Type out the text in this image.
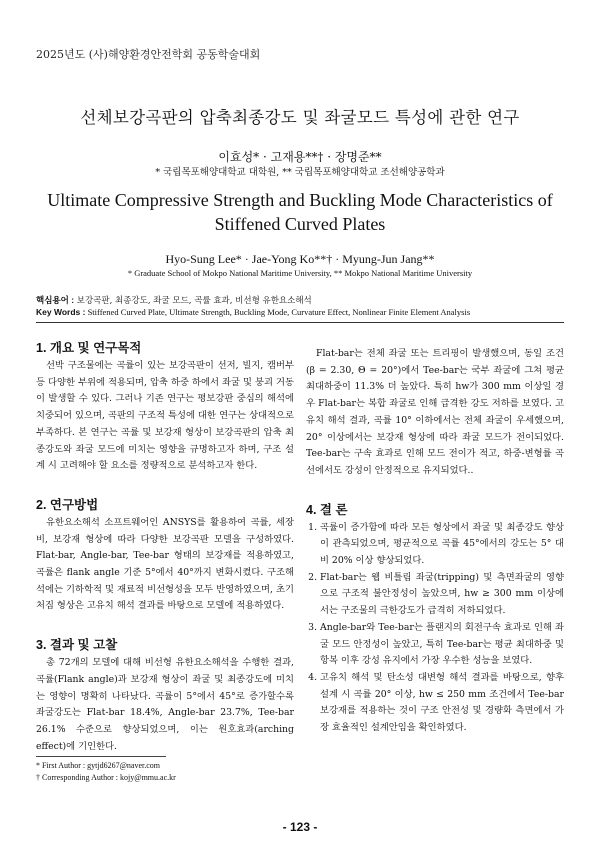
2025년도 (사)해양환경안전학회 공동학술대회
선체보강곡판의 압축최종강도 및 좌굴모드 특성에 관한 연구
이효성* · 고재용**† · 장명준**
* 국립목포해양대학교 대학원, ** 국립목포해양대학교 조선해양공학과
Ultimate Compressive Strength and Buckling Mode Characteristics of
Stiffened Curved Plates
Hyo-Sung Lee* · Jae-Yong Ko**† · Myung-Jun Jang**
* Graduate School of Mokpo National Maritime University, ** Mokpo National Maritime University
핵심용어 : 보강곡판, 최종강도, 좌굴 모드, 곡률 효과, 비선형 유한요소해석
Key Words : Stiffened Curved Plate, Ultimate Strength, Buckling Mode, Curvature Effect, Nonlinear Finite Element Analysis
1. 개요 및 연구목적

선박 구조물에는 곡률이 있는 보강곡판이 선저, 빌지, 캠버부 등 다양한 부위에 적용되며, 압축 하중 하에서 좌굴 및 붕괴 거동이 발생할 수 있다. 그러나 기존 연구는 평보강판 중심의 해석에 치중되어 있으며, 곡판의 구조적 특성에 대한 연구는 상대적으로 부족하다. 본 연구는 곡률 및 보강재 형상이 보강곡판의 압축 최종강도와 좌굴 모드에 미치는 영향을 규명하고자 하며, 구조 설계 시 고려해야 할 요소를 정량적으로 분석하고자 한다.

2. 연구방법

유한요소해석 소프트웨어인 ANSYS를 활용하여 곡률, 세장비, 보강재 형상에 따라 다양한 보강곡판 모델을 구성하였다. Flat-bar, Angle-bar, Tee-bar 형태의 보강재를 적용하였고, 곡률은 flank angle 기준 5°에서 40°까지 변화시켰다. 구조해석에는 기하학적 및 재료적 비선형성을 모두 반영하였으며, 초기 처짐 형상은 고유치 해석 결과를 바탕으로 모델에 적용하였다.

3. 결과 및 고찰

총 72개의 모델에 대해 비선형 유한요소해석을 수행한 결과, 곡률(Flank angle)과 보강재 형상이 좌굴 및 최종강도에 미치는 영향이 명확히 나타났다. 곡률이 5°에서 45°로 증가할수록 좌굴강도는 Flat-bar 18.4%, Angle-bar 23.7%, Tee-bar 26.1% 수준으로 향상되었으며, 이는 원호효과(arching effect)에 기인한다.

Flat-bar는 전체 좌굴 또는 트리핑이 발생했으며, 동일 조건(β = 2.30, Θ = 20°)에서 Tee-bar는 국부 좌굴에 그쳐 평균 최대하중이 11.3% 더 높았다. 특히 hw가 300 mm 이상일 경우 Flat-bar는 복합 좌굴로 인해 급격한 강도 저하를 보였다. 고유치 해석 결과, 곡률 10° 이하에서는 전체 좌굴이 우세했으며, 20° 이상에서는 보강재 형상에 따라 좌굴 모드가 전이되었다. Tee-bar는 구속 효과로 인해 모드 전이가 적고, 하중-변형률 곡선에서도 강성이 안정적으로 유지되었다..

4. 결 론
1. 곡률이 증가함에 따라 모든 형상에서 좌굴 및 최종강도 향상이 관측되었으며, 평균적으로 곡률 45°에서의 강도는 5° 대비 20% 이상 향상되었다.
2. Flat-bar는 웹 비틀림 좌굴(tripping) 및 측면좌굴의 영향으로 구조적 불안정성이 높았으며, hw ≥ 300 mm 이상에서는 구조물의 극한강도가 급격히 저하되었다.
3. Angle-bar와 Tee-bar는 플랜지의 회전구속 효과로 인해 좌굴 모드 안정성이 높았고, 특히 Tee-bar는 평균 최대하중 및 항복 이후 강성 유지에서 가장 우수한 성능을 보였다.
4. 고유치 해석 및 탄소성 대변형 해석 결과를 바탕으로, 향후 설계 시 곡률 20° 이상, hw ≤ 250 mm 조건에서 Tee-bar 보강재를 적용하는 것이 구조 안전성 및 경량화 측면에서 가장 효율적인 설계안임을 확인하였다.
* First Author : gytjd6267@naver.com
† Corresponding Author : kojy@mmu.ac.kr
- 123 -
